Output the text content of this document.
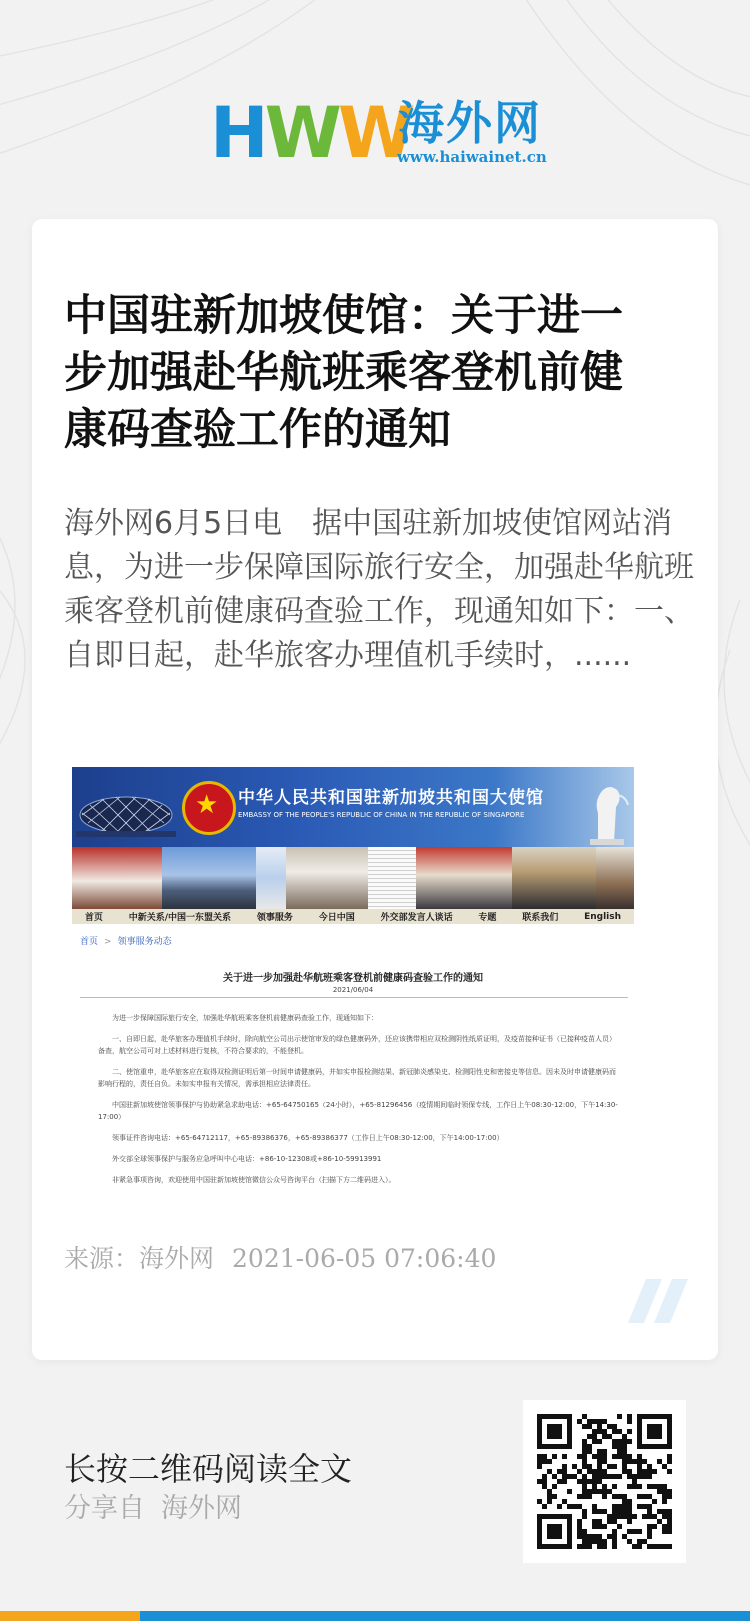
HWW
海外网
www.haiwainet.cn
中国驻新加坡使馆：关于进一步加强赴华航班乘客登机前健康码查验工作的通知

海外网6月5日电　据中国驻新加坡使馆网站消息，为进一步保障国际旅行安全，加强赴华航班乘客登机前健康码查验工作，现通知如下：一、自即日起，赴华旅客办理值机手续时，......

★ 中华人民共和国驻新加坡共和国大使馆
EMBASSY OF THE PEOPLE'S REPUBLIC OF CHINA IN THE REPUBLIC OF SINGAPORE
首页	中新关系/中国一东盟关系	领事服务	今日中国	外交部发言人谈话	专题	联系我们	English
首页 > 领事服务动态
关于进一步加强赴华航班乘客登机前健康码查验工作的通知
2021/06/04

为进一步保障国际旅行安全，加强赴华航班乘客登机前健康码查验工作，现通知如下：

一、自即日起，赴华旅客办理值机手续时，除向航空公司出示使馆审发的绿色健康码外，还应该携带相应双检测阴性纸质证明，及疫苗接种证书（已接种疫苗人员）备查，航空公司可对上述材料进行复核，不符合要求的，不能登机。

二、使馆重申，赴华旅客应在取得双检测证明后第一时间申请健康码，并如实申报检测结果、新冠肺炎感染史、检测阳性史和密接史等信息。因未及时申请健康码而影响行程的，责任自负。未如实申报有关情况，需承担相应法律责任。

中国驻新加坡使馆领事保护与协助紧急求助电话：+65-64750165（24小时），+65-81296456（疫情期间临时领保专线，工作日上午08:30-12:00，下午14:30-17:00）

领事证件咨询电话：+65-64712117，+65-89386376，+65-89386377（工作日上午08:30-12:00，下午14:00-17:00）

外交部全球领事保护与服务应急呼叫中心电话：+86-10-12308或+86-10-59913991

非紧急事项咨询，欢迎使用中国驻新加坡使馆微信公众号咨询平台（扫描下方二维码进入）。

来源：海外网 2021-06-05 07:06:40
长按二维码阅读全文
分享自 海外网
